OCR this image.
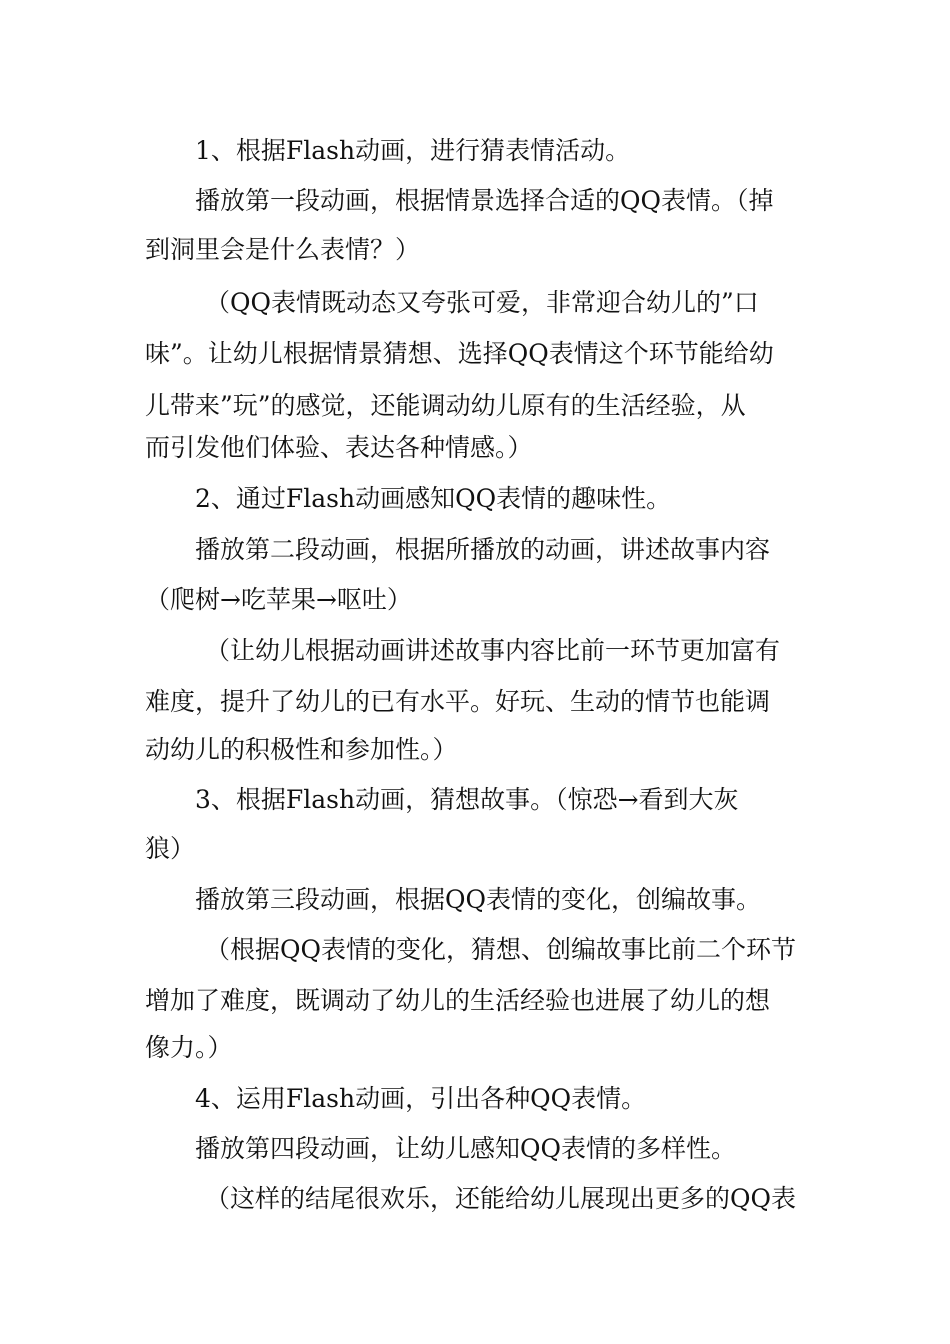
1、根据Flash动画，进行猜表情活动。
播放第一段动画，根据情景选择合适的QQ表情。（掉
到洞里会是什么表情？）
（QQ表情既动态又夸张可爱，非常迎合幼儿的”口
味”。让幼儿根据情景猜想、选择QQ表情这个环节能给幼
儿带来”玩”的感觉，还能调动幼儿原有的生活经验，从
而引发他们体验、表达各种情感。）
2、通过Flash动画感知QQ表情的趣味性。
播放第二段动画，根据所播放的动画，讲述故事内容
（爬树→吃苹果→呕吐）
（让幼儿根据动画讲述故事内容比前一环节更加富有
难度，提升了幼儿的已有水平。好玩、生动的情节也能调
动幼儿的积极性和参加性。）
3、根据Flash动画，猜想故事。（惊恐→看到大灰
狼）
播放第三段动画，根据QQ表情的变化，创编故事。
（根据QQ表情的变化，猜想、创编故事比前二个环节
增加了难度，既调动了幼儿的生活经验也进展了幼儿的想
像力。）
4、运用Flash动画，引出各种QQ表情。
播放第四段动画，让幼儿感知QQ表情的多样性。
（这样的结尾很欢乐，还能给幼儿展现出更多的QQ表
